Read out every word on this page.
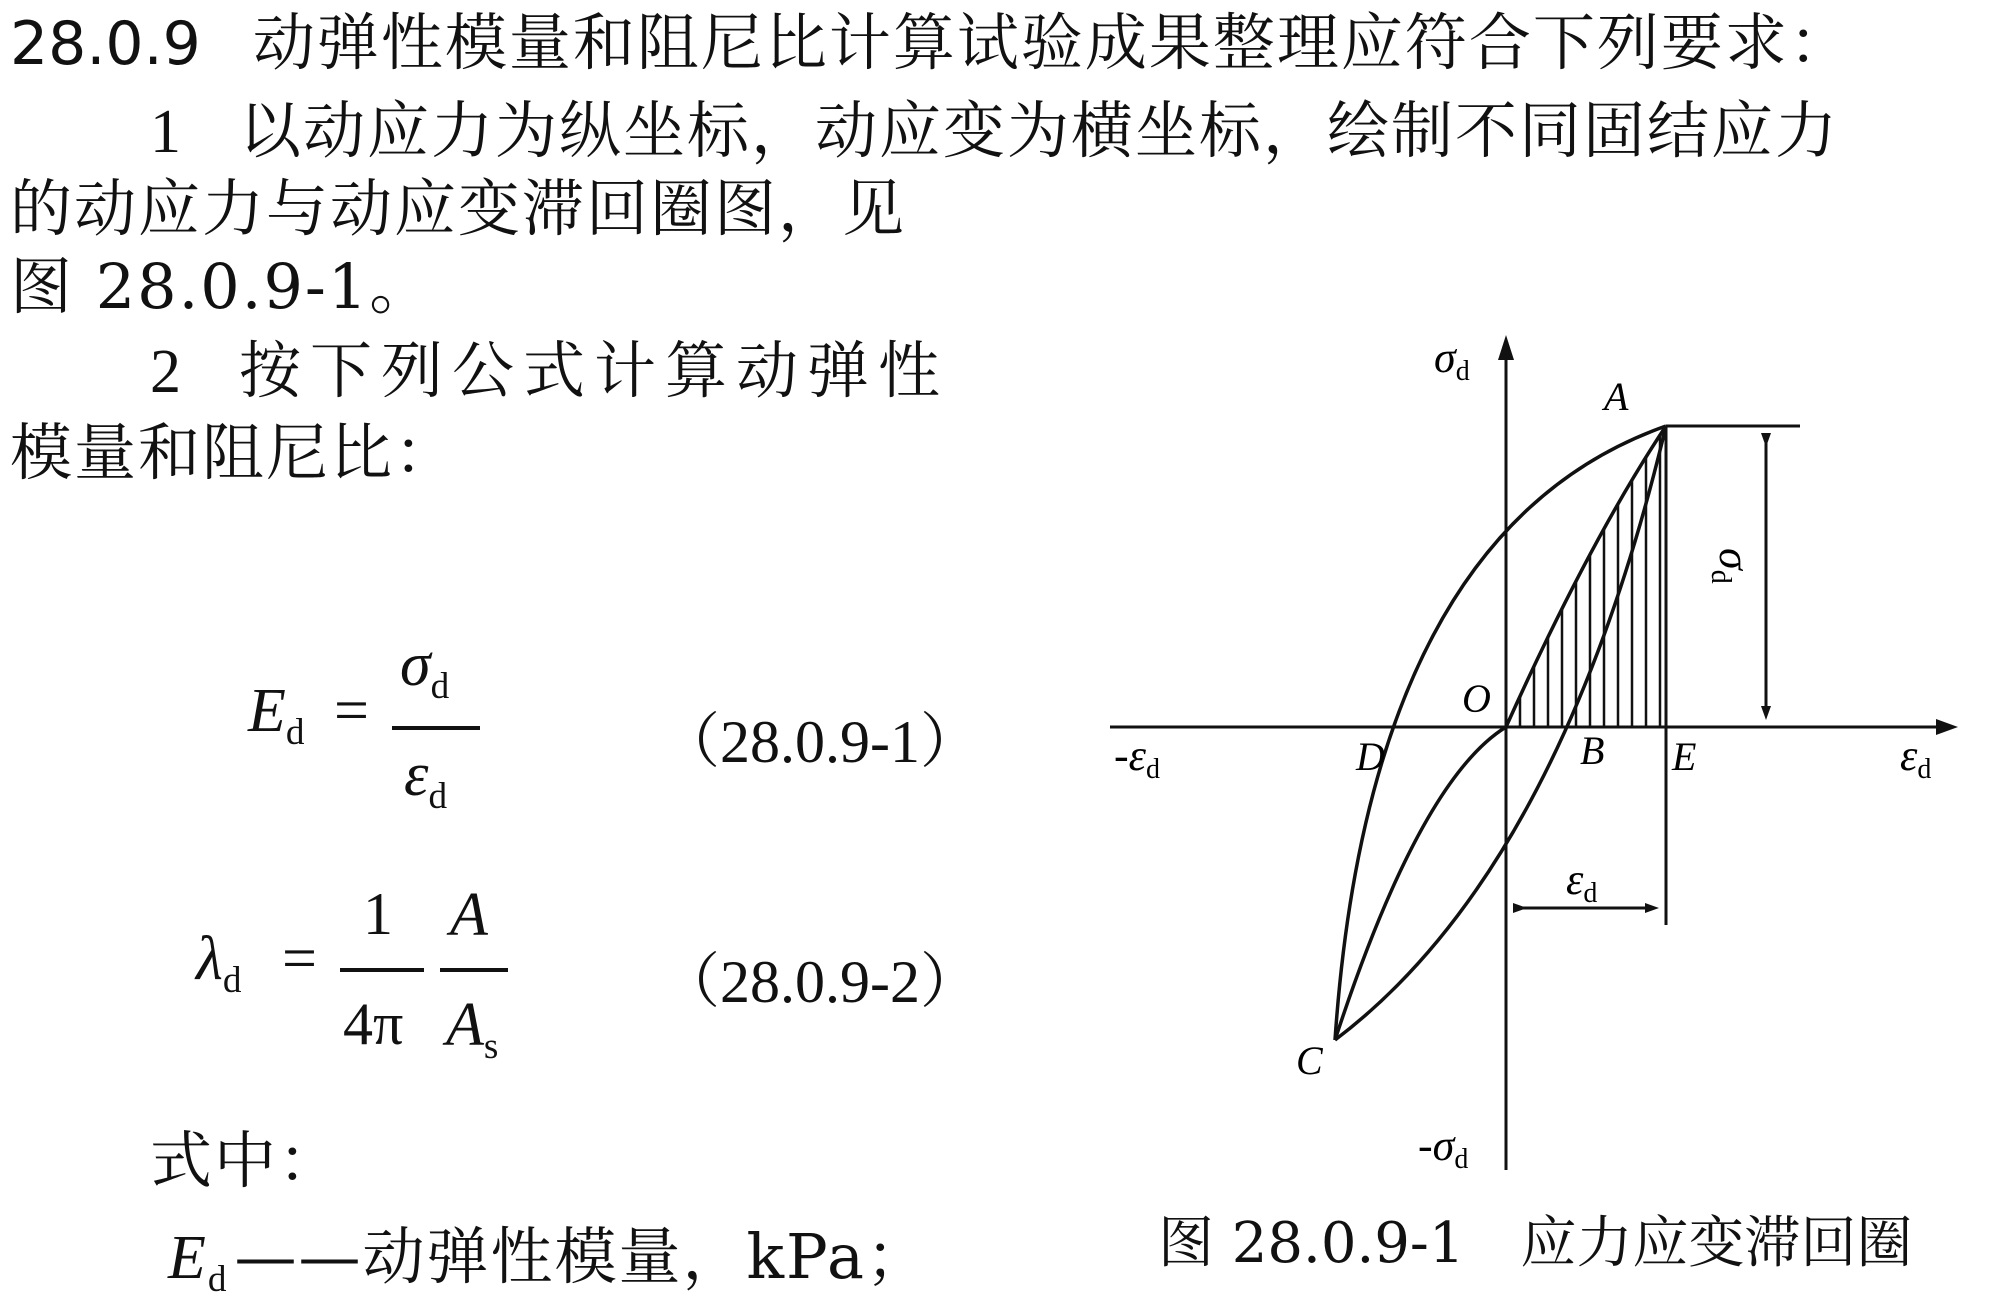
28.0.9 动弹性模量和阻尼比计算试验成果整理应符合下列要求：
1 以动应力为纵坐标，动应变为横坐标，绘制不同固结应力
的动应力与动应变滞回圈图，见
图 28.0.9-1。
2 按下列公式计算动弹性
模量和阻尼比：
$E_d$ =
$\sigma_d$
$\varepsilon_d$
（28.0.9-1）
$\lambda_d$ =
1
4π
A
$A_s$
（28.0.9-2）
式中：
$E_d——$动弹性模量，kPa；
σd
-σd
εd
-εd
A
O
D	B E
C
σd
εd
图 28.0.9-1　应力应变滞回圈
